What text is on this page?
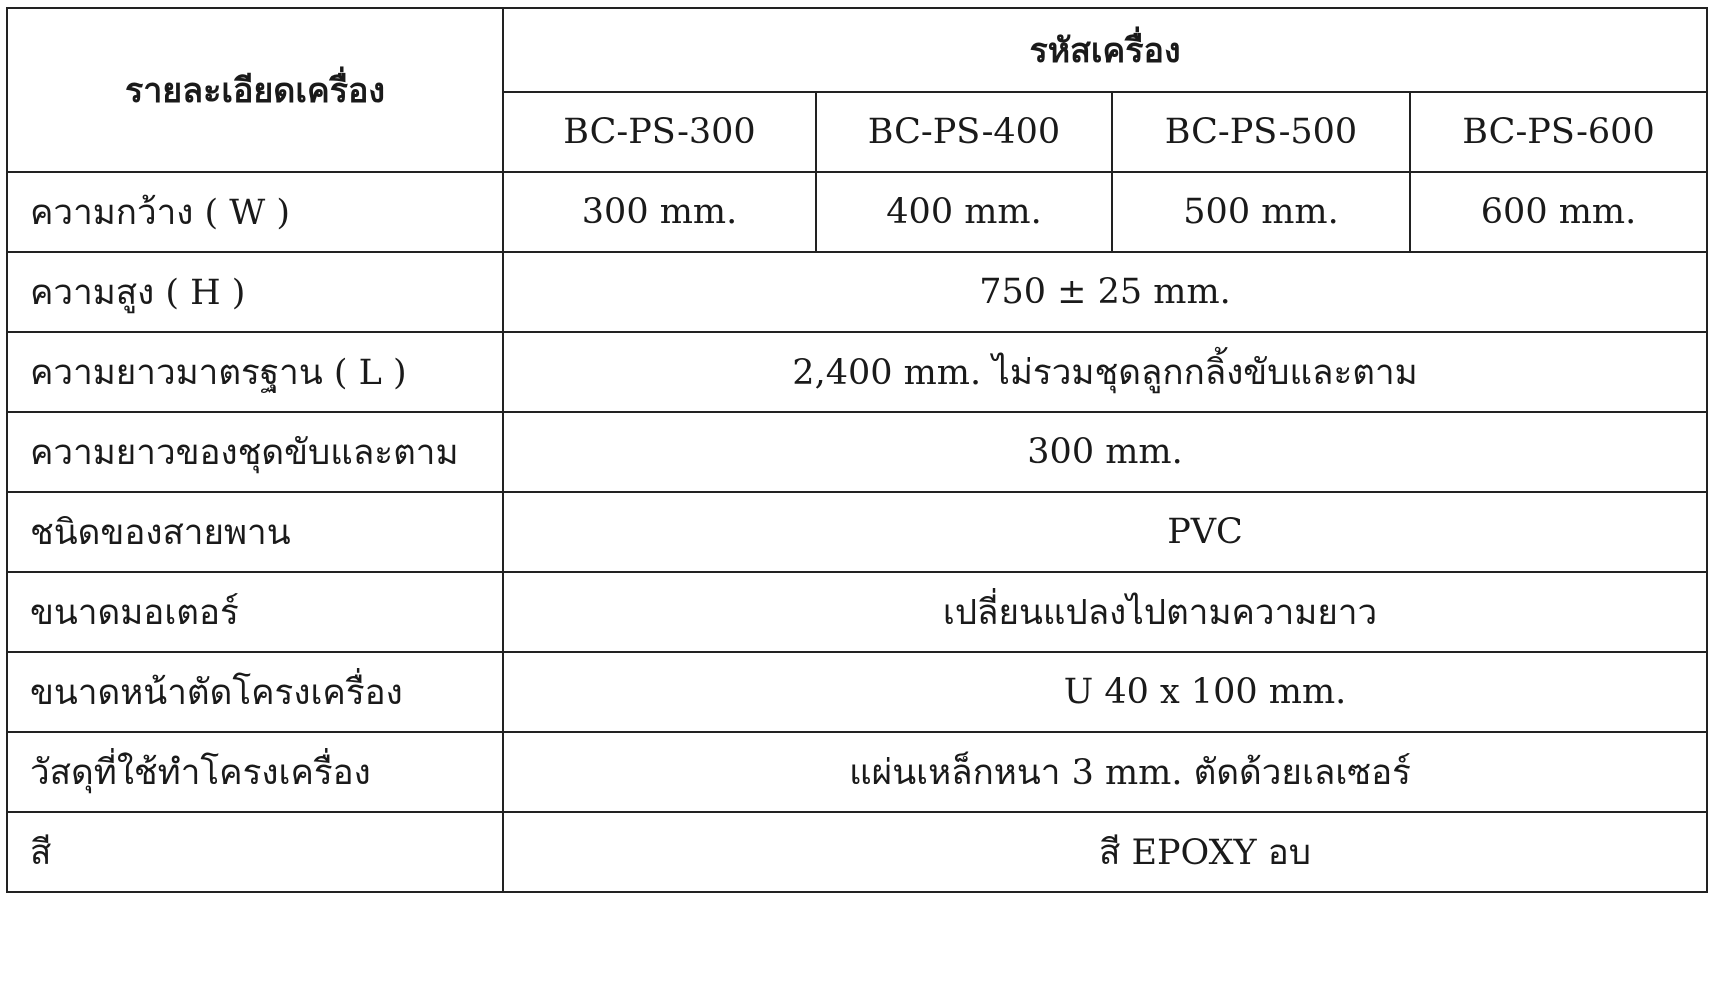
รายละเอียดเครื่อง	รหัสเครื่อง			
	BC-PS-300	BC-PS-400	BC-PS-500	BC-PS-600
ความกว้าง ( W )	300 mm.	400 mm.	500 mm.	600 mm.
ความสูง ( H )	750 ± 25 mm.			
ความยาวมาตรฐาน ( L )	2,400 mm. ไม่รวมชุดลูกกลิ้งขับและตาม			
ความยาวของชุดขับและตาม	300 mm.			
ชนิดของสายพาน	PVC			
ขนาดมอเตอร์	เปลี่ยนแปลงไปตามความยาว			
ขนาดหน้าตัดโครงเครื่อง	U 40 x 100 mm.			
วัสดุที่ใช้ทำโครงเครื่อง	แผ่นเหล็กหนา 3 mm. ตัดด้วยเลเซอร์			
สี	สี EPOXY อบ			
